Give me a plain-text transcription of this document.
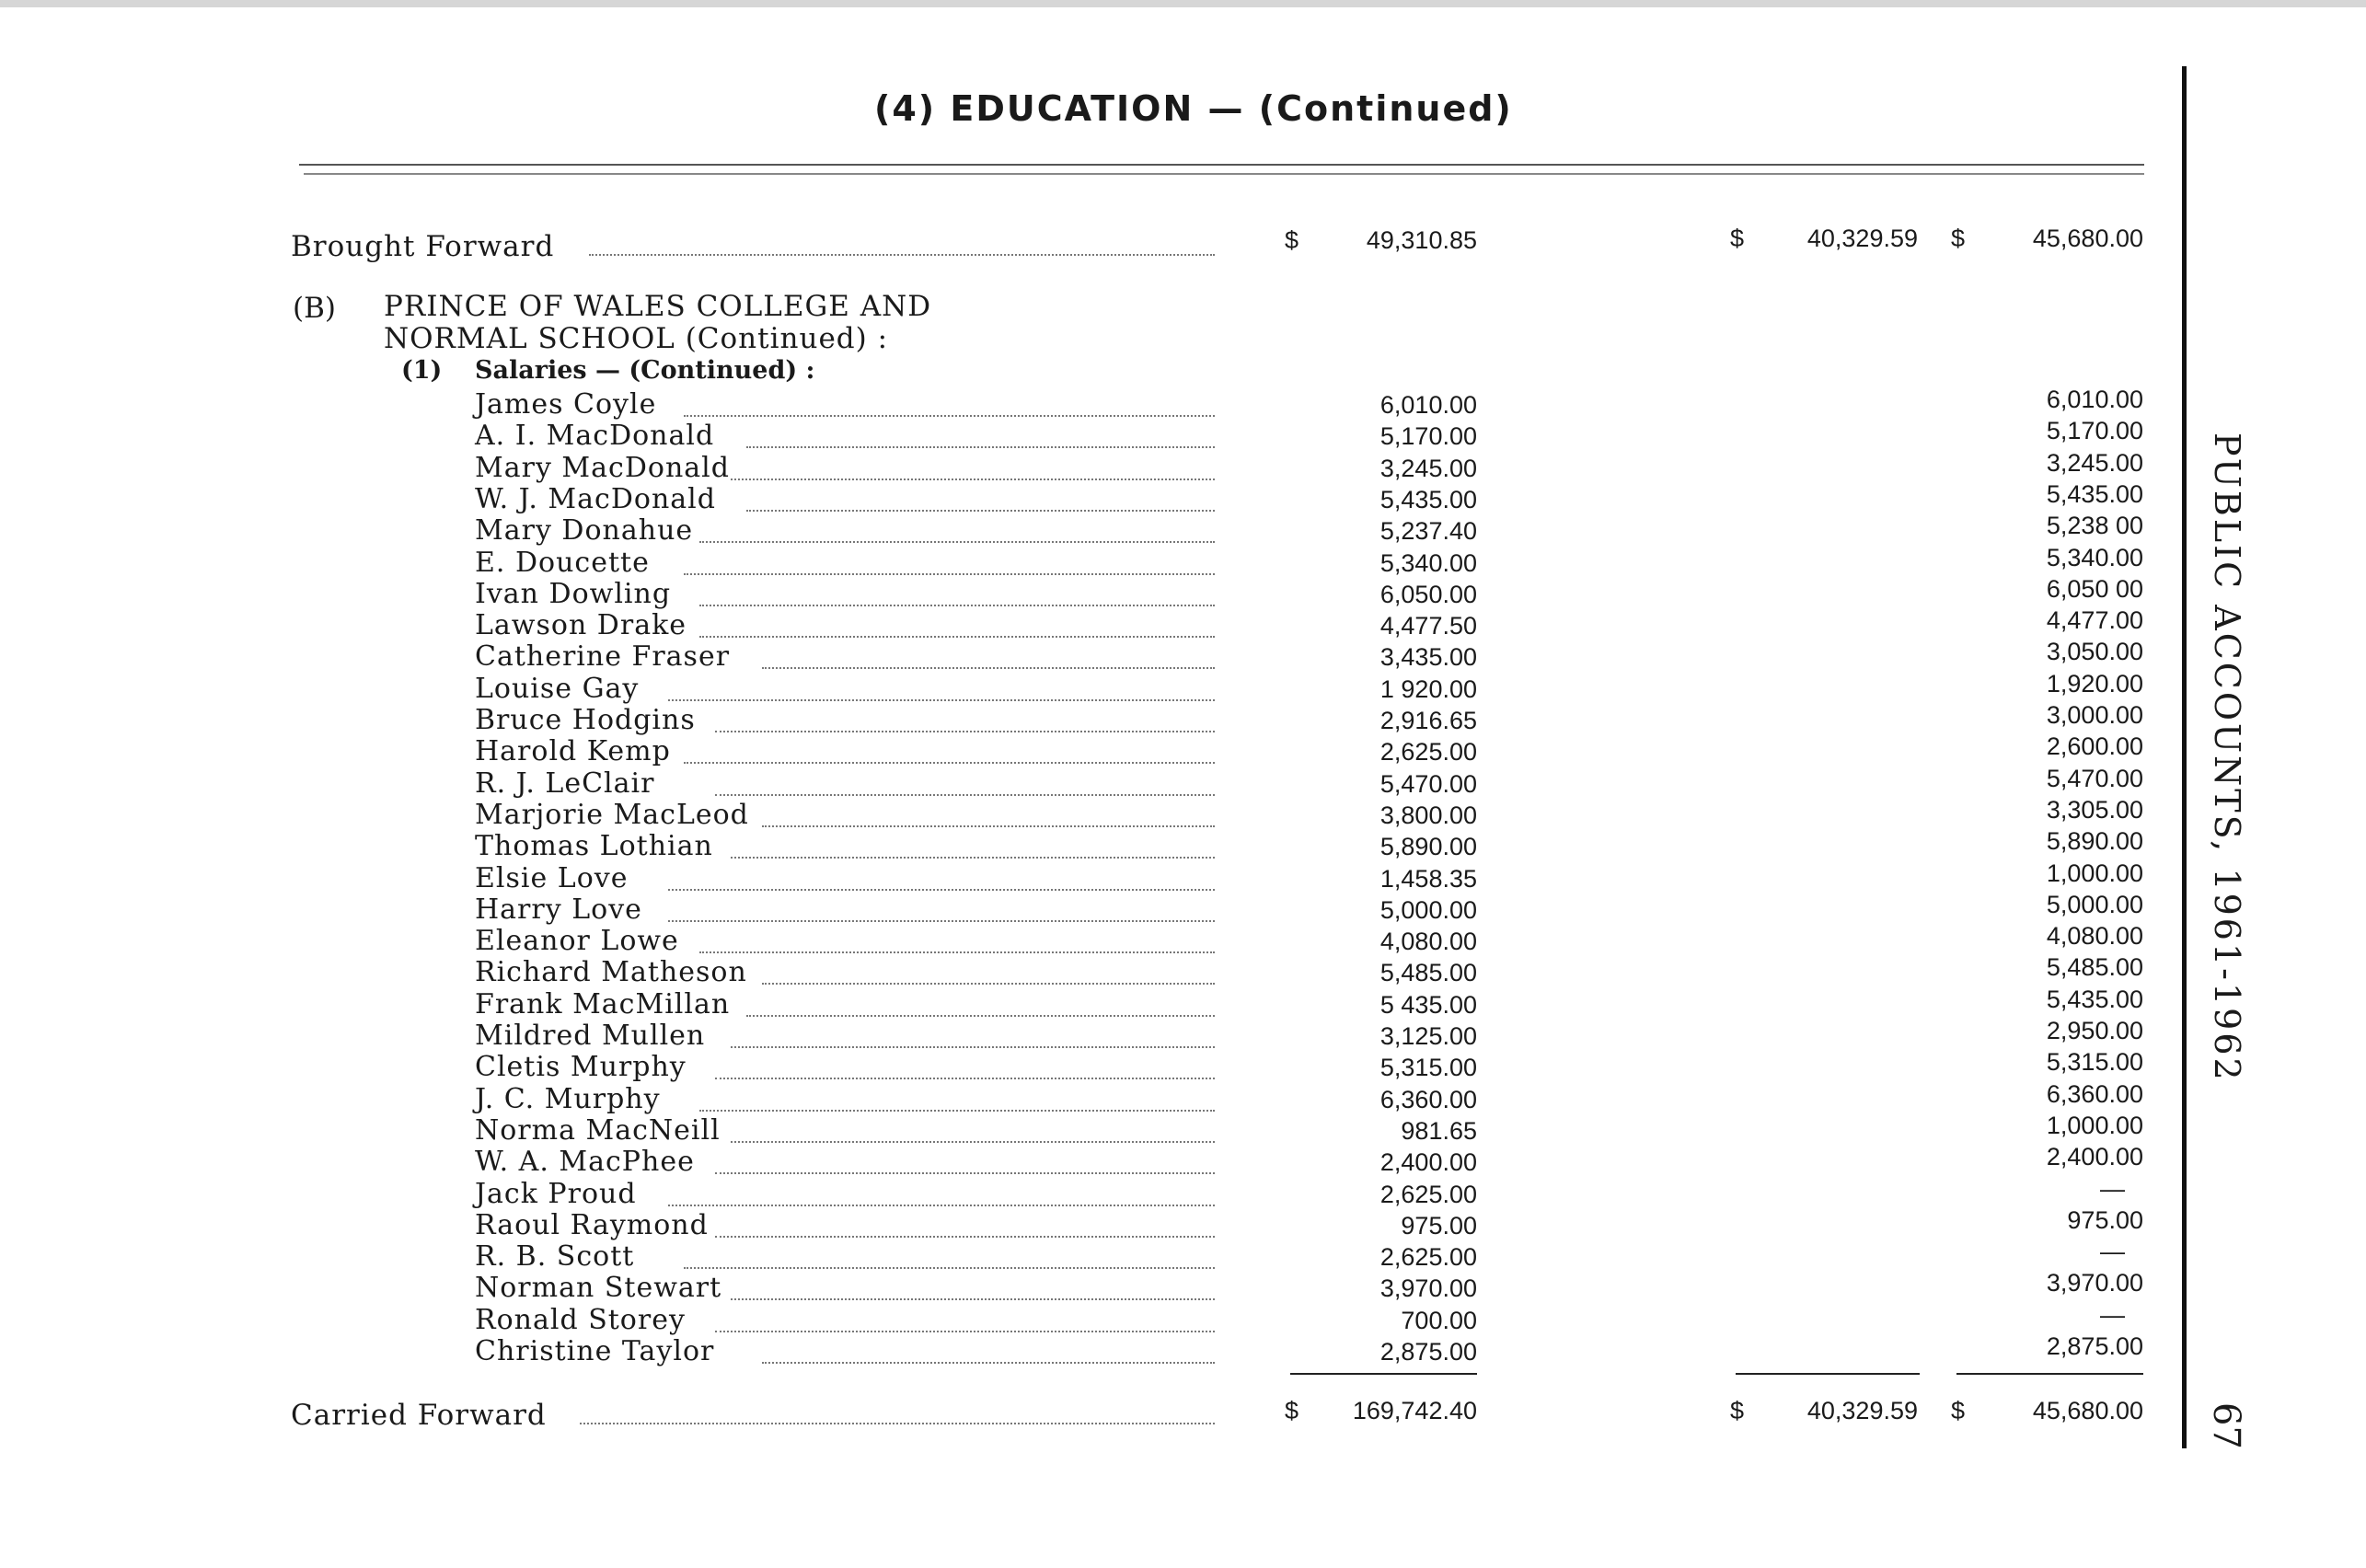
(4) EDUCATION — (Continued)
PUBLIC ACCOUNTS, 1961-1962
67
Brought Forward	$	49,310.85	$	40,329.59 $	45,680.00
(B) PRINCE OF WALES COLLEGE AND
NORMAL SCHOOL (Continued) :
(1) Salaries — (Continued) :
James Coyle	6,010.00	6,010.00
A. I. MacDonald	5,170.00	5,170.00
Mary MacDonald	3,245.00	3,245.00
W. J. MacDonald	5,435.00	5,435.00
Mary Donahue	5,237.40	5,238 00
E. Doucette	5,340.00	5,340.00
Ivan Dowling	6,050.00	6,050 00
Lawson Drake	4,477.50	4,477.00
Catherine Fraser	3,435.00	3,050.00
Louise Gay	1 920.00	1,920.00
Bruce Hodgins	2,916.65	3,000.00
Harold Kemp	2,625.00	2,600.00
R. J. LeClair	5,470.00	5,470.00
Marjorie MacLeod	3,800.00	3,305.00
Thomas Lothian	5,890.00	5,890.00
Elsie Love	1,458.35	1,000.00
Harry Love	5,000.00	5,000.00
Eleanor Lowe	4,080.00	4,080.00
Richard Matheson	5,485.00	5,485.00
Frank MacMillan	5 435.00	5,435.00
Mildred Mullen	3,125.00	2,950.00
Cletis Murphy	5,315.00	5,315.00
J. C. Murphy	6,360.00	6,360.00
Norma MacNeill	981.65	1,000.00
W. A. MacPhee	2,400.00	2,400.00
Jack Proud	2,625.00	—
Raoul Raymond	975.00	975.00
R. B. Scott	2,625.00	—
Norman Stewart	3,970.00	3,970.00
Ronald Storey	700.00	—
Christine Taylor	2,875.00	2,875.00
Carried Forward	$ 169,742.40	$	40,329.59 $	45,680.00
